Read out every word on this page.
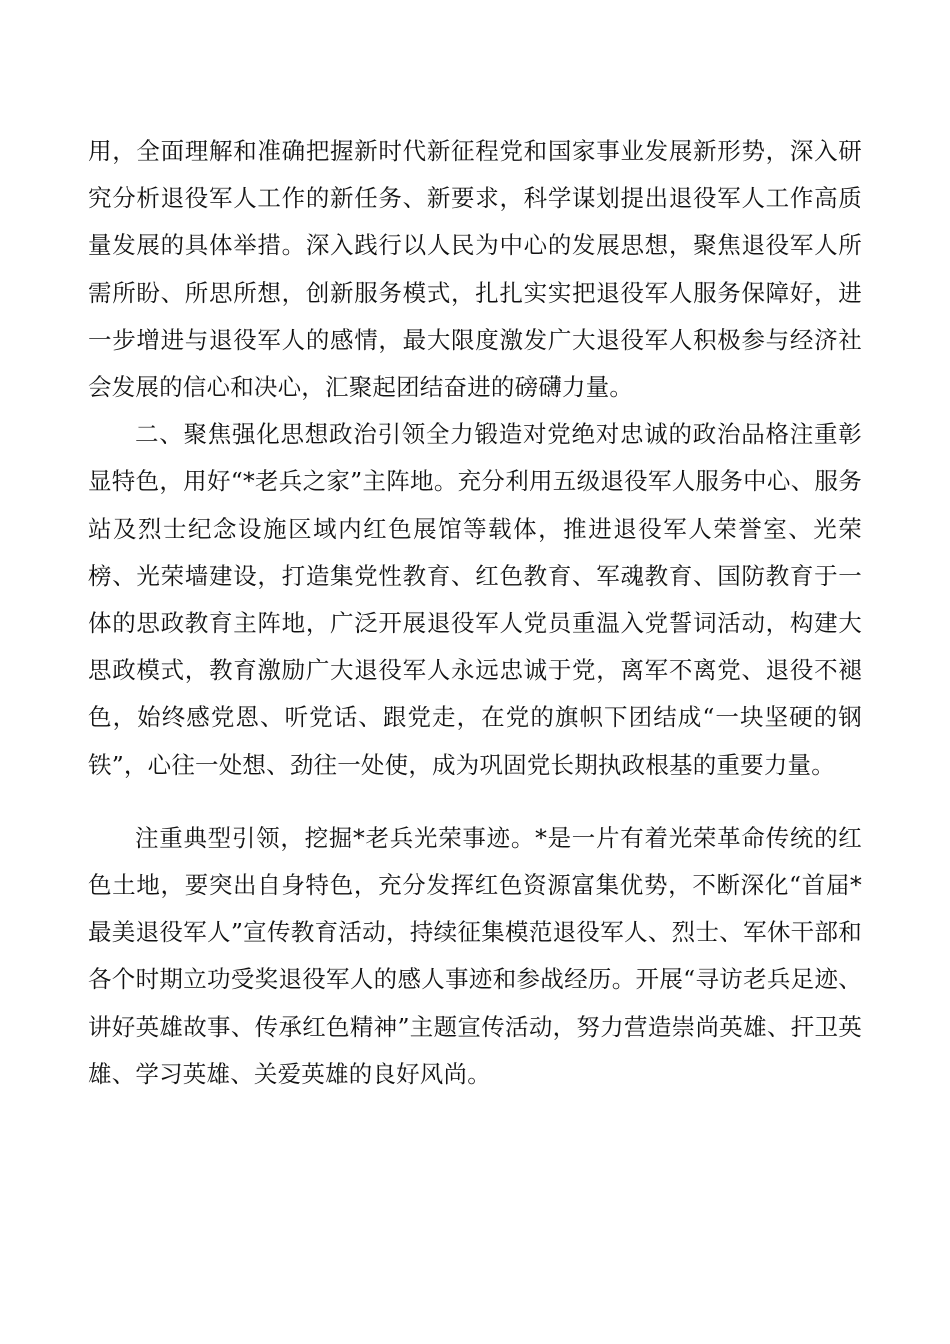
用，全面理解和准确把握新时代新征程党和国家事业发展新形势，深入研究分析退役军人工作的新任务、新要求，科学谋划提出退役军人工作高质量发展的具体举措。深入践行以人民为中心的发展思想，聚焦退役军人所需所盼、所思所想，创新服务模式，扎扎实实把退役军人服务保障好，进一步增进与退役军人的感情，最大限度激发广大退役军人积极参与经济社会发展的信心和决心，汇聚起团结奋进的磅礴力量。

二、聚焦强化思想政治引领全力锻造对党绝对忠诚的政治品格注重彰显特色，用好“*老兵之家”主阵地。充分利用五级退役军人服务中心、服务站及烈士纪念设施区域内红色展馆等载体，推进退役军人荣誉室、光荣榜、光荣墙建设，打造集党性教育、红色教育、军魂教育、国防教育于一体的思政教育主阵地，广泛开展退役军人党员重温入党誓词活动，构建大思政模式，教育激励广大退役军人永远忠诚于党，离军不离党、退役不褪色，始终感党恩、听党话、跟党走，在党的旗帜下团结成“一块坚硬的钢铁”，心往一处想、劲往一处使，成为巩固党长期执政根基的重要力量。

注重典型引领，挖掘*老兵光荣事迹。*是一片有着光荣革命传统的红色土地，要突出自身特色，充分发挥红色资源富集优势，不断深化“首届*最美退役军人”宣传教育活动，持续征集模范退役军人、烈士、军休干部和各个时期立功受奖退役军人的感人事迹和参战经历。开展“寻访老兵足迹、讲好英雄故事、传承红色精神”主题宣传活动，努力营造崇尚英雄、扞卫英雄、学习英雄、关爱英雄的良好风尚。
